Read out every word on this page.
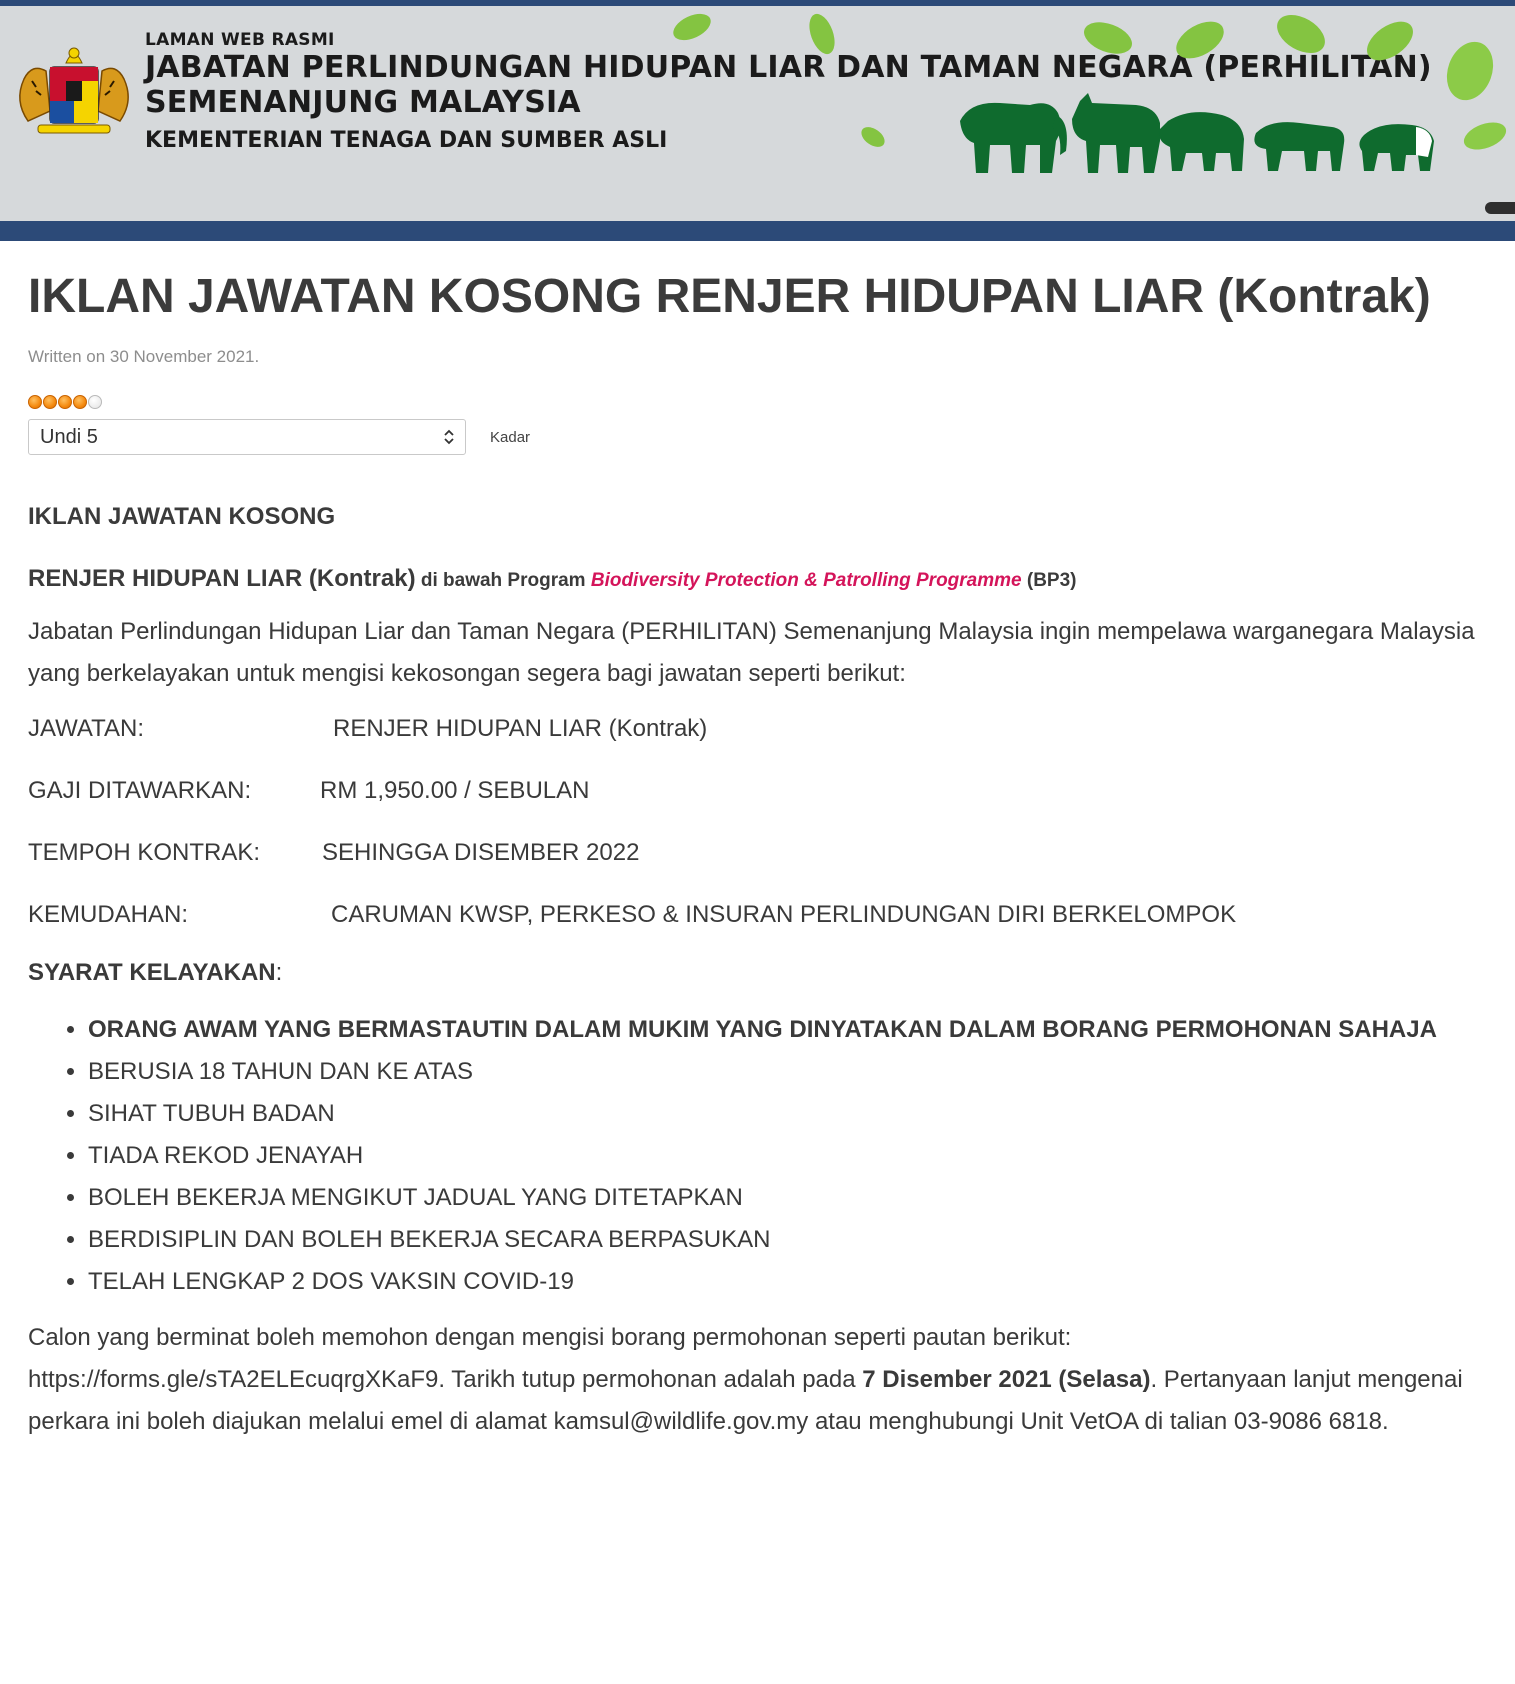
LAMAN WEB RASMI
JABATAN PERLINDUNGAN HIDUPAN LIAR DAN TAMAN NEGARA (PERHILITAN)
SEMENANJUNG MALAYSIA
KEMENTERIAN TENAGA DAN SUMBER ASLI
IKLAN JAWATAN KOSONG RENJER HIDUPAN LIAR (Kontrak)
Written on 30 November 2021.
Undi 5	Kadar
IKLAN JAWATAN KOSONG
RENJER HIDUPAN LIAR (Kontrak) di bawah Program Biodiversity Protection & Patrolling Programme (BP3)

Jabatan Perlindungan Hidupan Liar dan Taman Negara (PERHILITAN) Semenanjung Malaysia ingin mempelawa warganegara Malaysia yang berkelayakan untuk mengisi kekosongan segera bagi jawatan seperti berikut:

JAWATAN:	RENJER HIDUPAN LIAR (Kontrak)
GAJI DITAWARKAN:	RM 1,950.00 / SEBULAN
TEMPOH KONTRAK:	SEHINGGA DISEMBER 2022
KEMUDAHAN:	CARUMAN KWSP, PERKESO & INSURAN PERLINDUNGAN DIRI BERKELOMPOK
SYARAT KELAYAKAN:
• ORANG AWAM YANG BERMASTAUTIN DALAM MUKIM YANG DINYATAKAN DALAM BORANG PERMOHONAN SAHAJA
• BERUSIA 18 TAHUN DAN KE ATAS
• SIHAT TUBUH BADAN
• TIADA REKOD JENAYAH
• BOLEH BEKERJA MENGIKUT JADUAL YANG DITETAPKAN
• BERDISIPLIN DAN BOLEH BEKERJA SECARA BERPASUKAN
• TELAH LENGKAP 2 DOS VAKSIN COVID-19

Calon yang berminat boleh memohon dengan mengisi borang permohonan seperti pautan berikut: https://forms.gle/sTA2ELEcuqrgXKaF9. Tarikh tutup permohonan adalah pada 7 Disember 2021 (Selasa). Pertanyaan lanjut mengenai perkara ini boleh diajukan melalui emel di alamat kamsul@wildlife.gov.my atau menghubungi Unit VetOA di talian 03-9086 6818.
